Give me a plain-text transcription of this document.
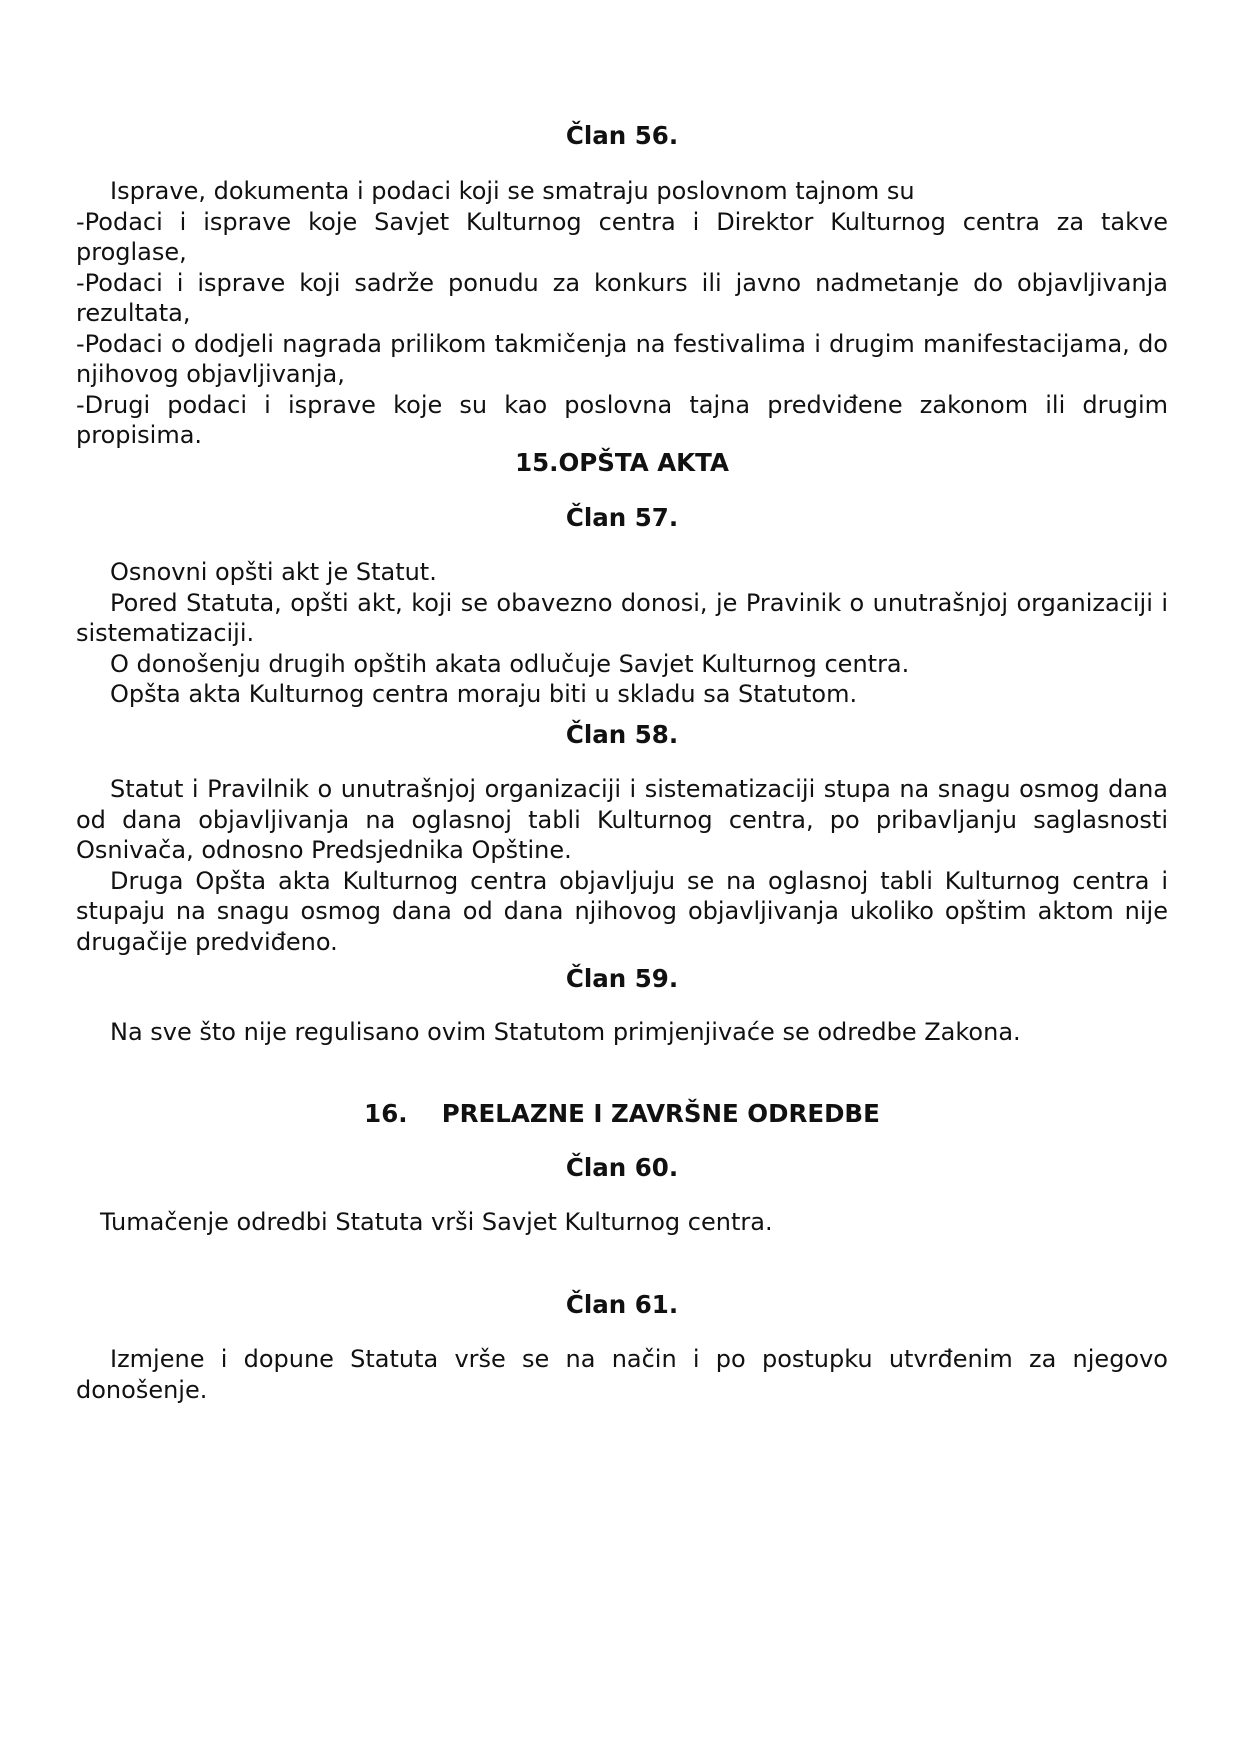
Član 56.
Isprave, dokumenta i podaci koji se smatraju poslovnom tajnom su
-Podaci i isprave koje Savjet Kulturnog centra i Direktor Kulturnog centra za takve proglase,
-Podaci i isprave koji sadrže ponudu za konkurs ili javno nadmetanje do objavljivanja rezultata,
-Podaci o dodjeli nagrada prilikom takmičenja na festivalima i drugim manifestacijama, do njihovog objavljivanja,
-Drugi podaci i isprave koje su kao poslovna tajna predviđene zakonom ili drugim propisima.
15.OPŠTA AKTA
Član 57.
Osnovni opšti akt je Statut.
Pored Statuta, opšti akt, koji se obavezno donosi, je Pravinik o unutrašnjoj organizaciji i sistematizaciji.
O donošenju drugih opštih akata odlučuje Savjet Kulturnog centra.
Opšta akta Kulturnog centra moraju biti u skladu sa Statutom.
Član 58.
Statut i Pravilnik o unutrašnjoj organizaciji i sistematizaciji stupa na snagu osmog dana od dana objavljivanja na oglasnoj tabli Kulturnog centra, po pribavljanju saglasnosti Osnivača, odnosno Predsjednika Opštine.
Druga Opšta akta Kulturnog centra objavljuju se na oglasnoj tabli Kulturnog centra i stupaju na snagu osmog dana od dana njihovog objavljivanja ukoliko opštim aktom nije drugačije predviđeno.
Član 59.
Na sve što nije regulisano ovim Statutom primjenjivaće se odredbe Zakona.
16.    PRELAZNE I ZAVRŠNE ODREDBE
Član 60.
Tumačenje odredbi Statuta vrši Savjet Kulturnog centra.
Član 61.
Izmjene i dopune Statuta vrše se na način i po postupku utvrđenim za njegovo donošenje.
